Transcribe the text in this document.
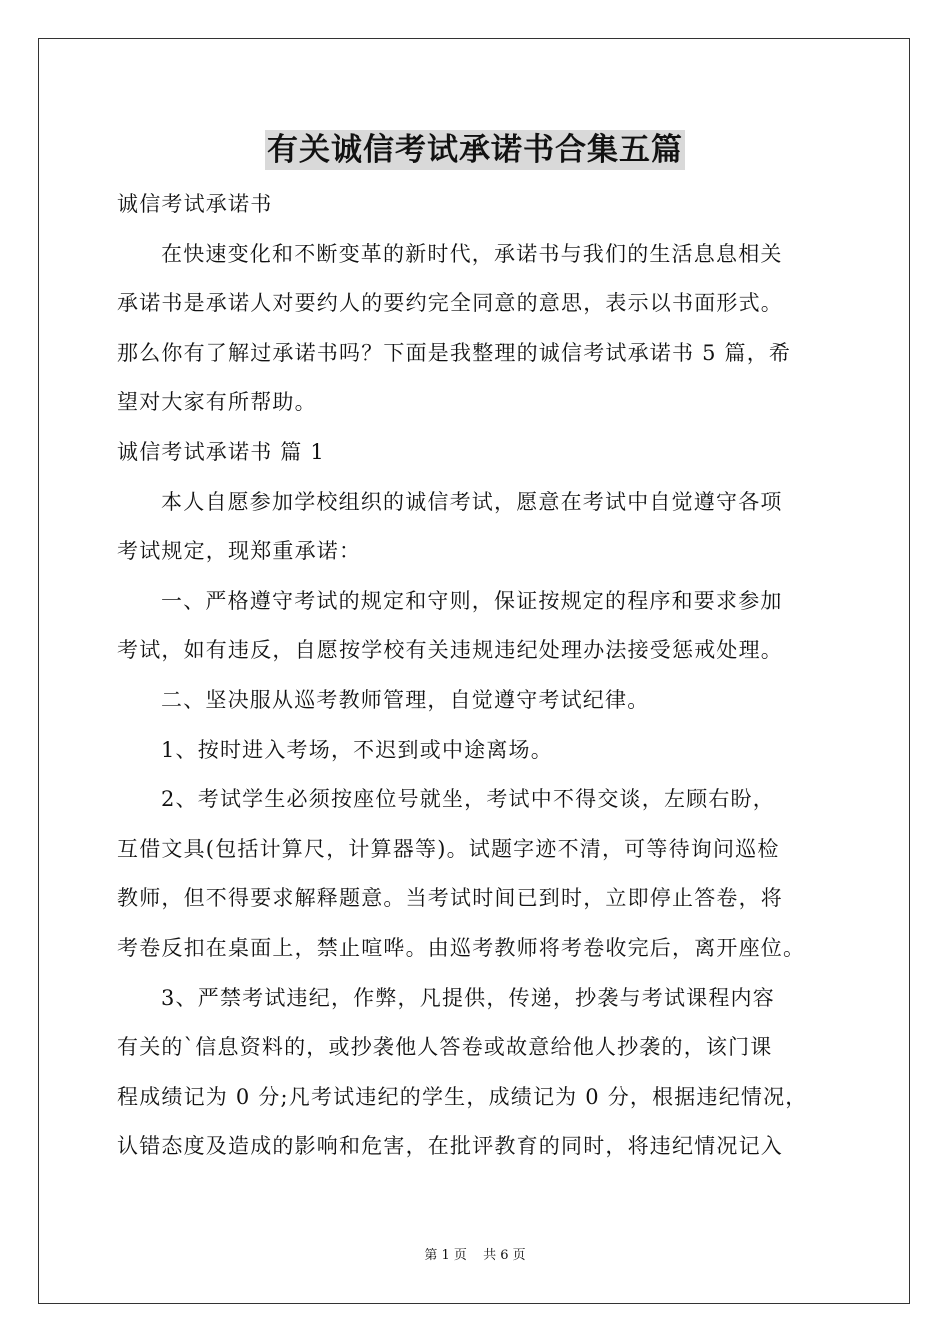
有关诚信考试承诺书合集五篇
诚信考试承诺书
在快速变化和不断变革的新时代，承诺书与我们的生活息息相关
承诺书是承诺人对要约人的要约完全同意的意思，表示以书面形式。
那么你有了解过承诺书吗？下面是我整理的诚信考试承诺书 5 篇，希
望对大家有所帮助。
诚信考试承诺书 篇 1
本人自愿参加学校组织的诚信考试，愿意在考试中自觉遵守各项
考试规定，现郑重承诺：
一、严格遵守考试的规定和守则，保证按规定的程序和要求参加
考试，如有违反，自愿按学校有关违规违纪处理办法接受惩戒处理。
二、坚决服从巡考教师管理，自觉遵守考试纪律。
1、按时进入考场，不迟到或中途离场。
2、考试学生必须按座位号就坐，考试中不得交谈，左顾右盼，
互借文具(包括计算尺，计算器等)。试题字迹不清，可等待询问巡检
教师，但不得要求解释题意。当考试时间已到时，立即停止答卷，将
考卷反扣在桌面上，禁止喧哗。由巡考教师将考卷收完后，离开座位。
3、严禁考试违纪，作弊，凡提供，传递，抄袭与考试课程内容
有关的`信息资料的，或抄袭他人答卷或故意给他人抄袭的，该门课
程成绩记为 0 分;凡考试违纪的学生，成绩记为 0 分，根据违纪情况，
认错态度及造成的影响和危害，在批评教育的同时，将违纪情况记入
第 1 页 共 6 页
